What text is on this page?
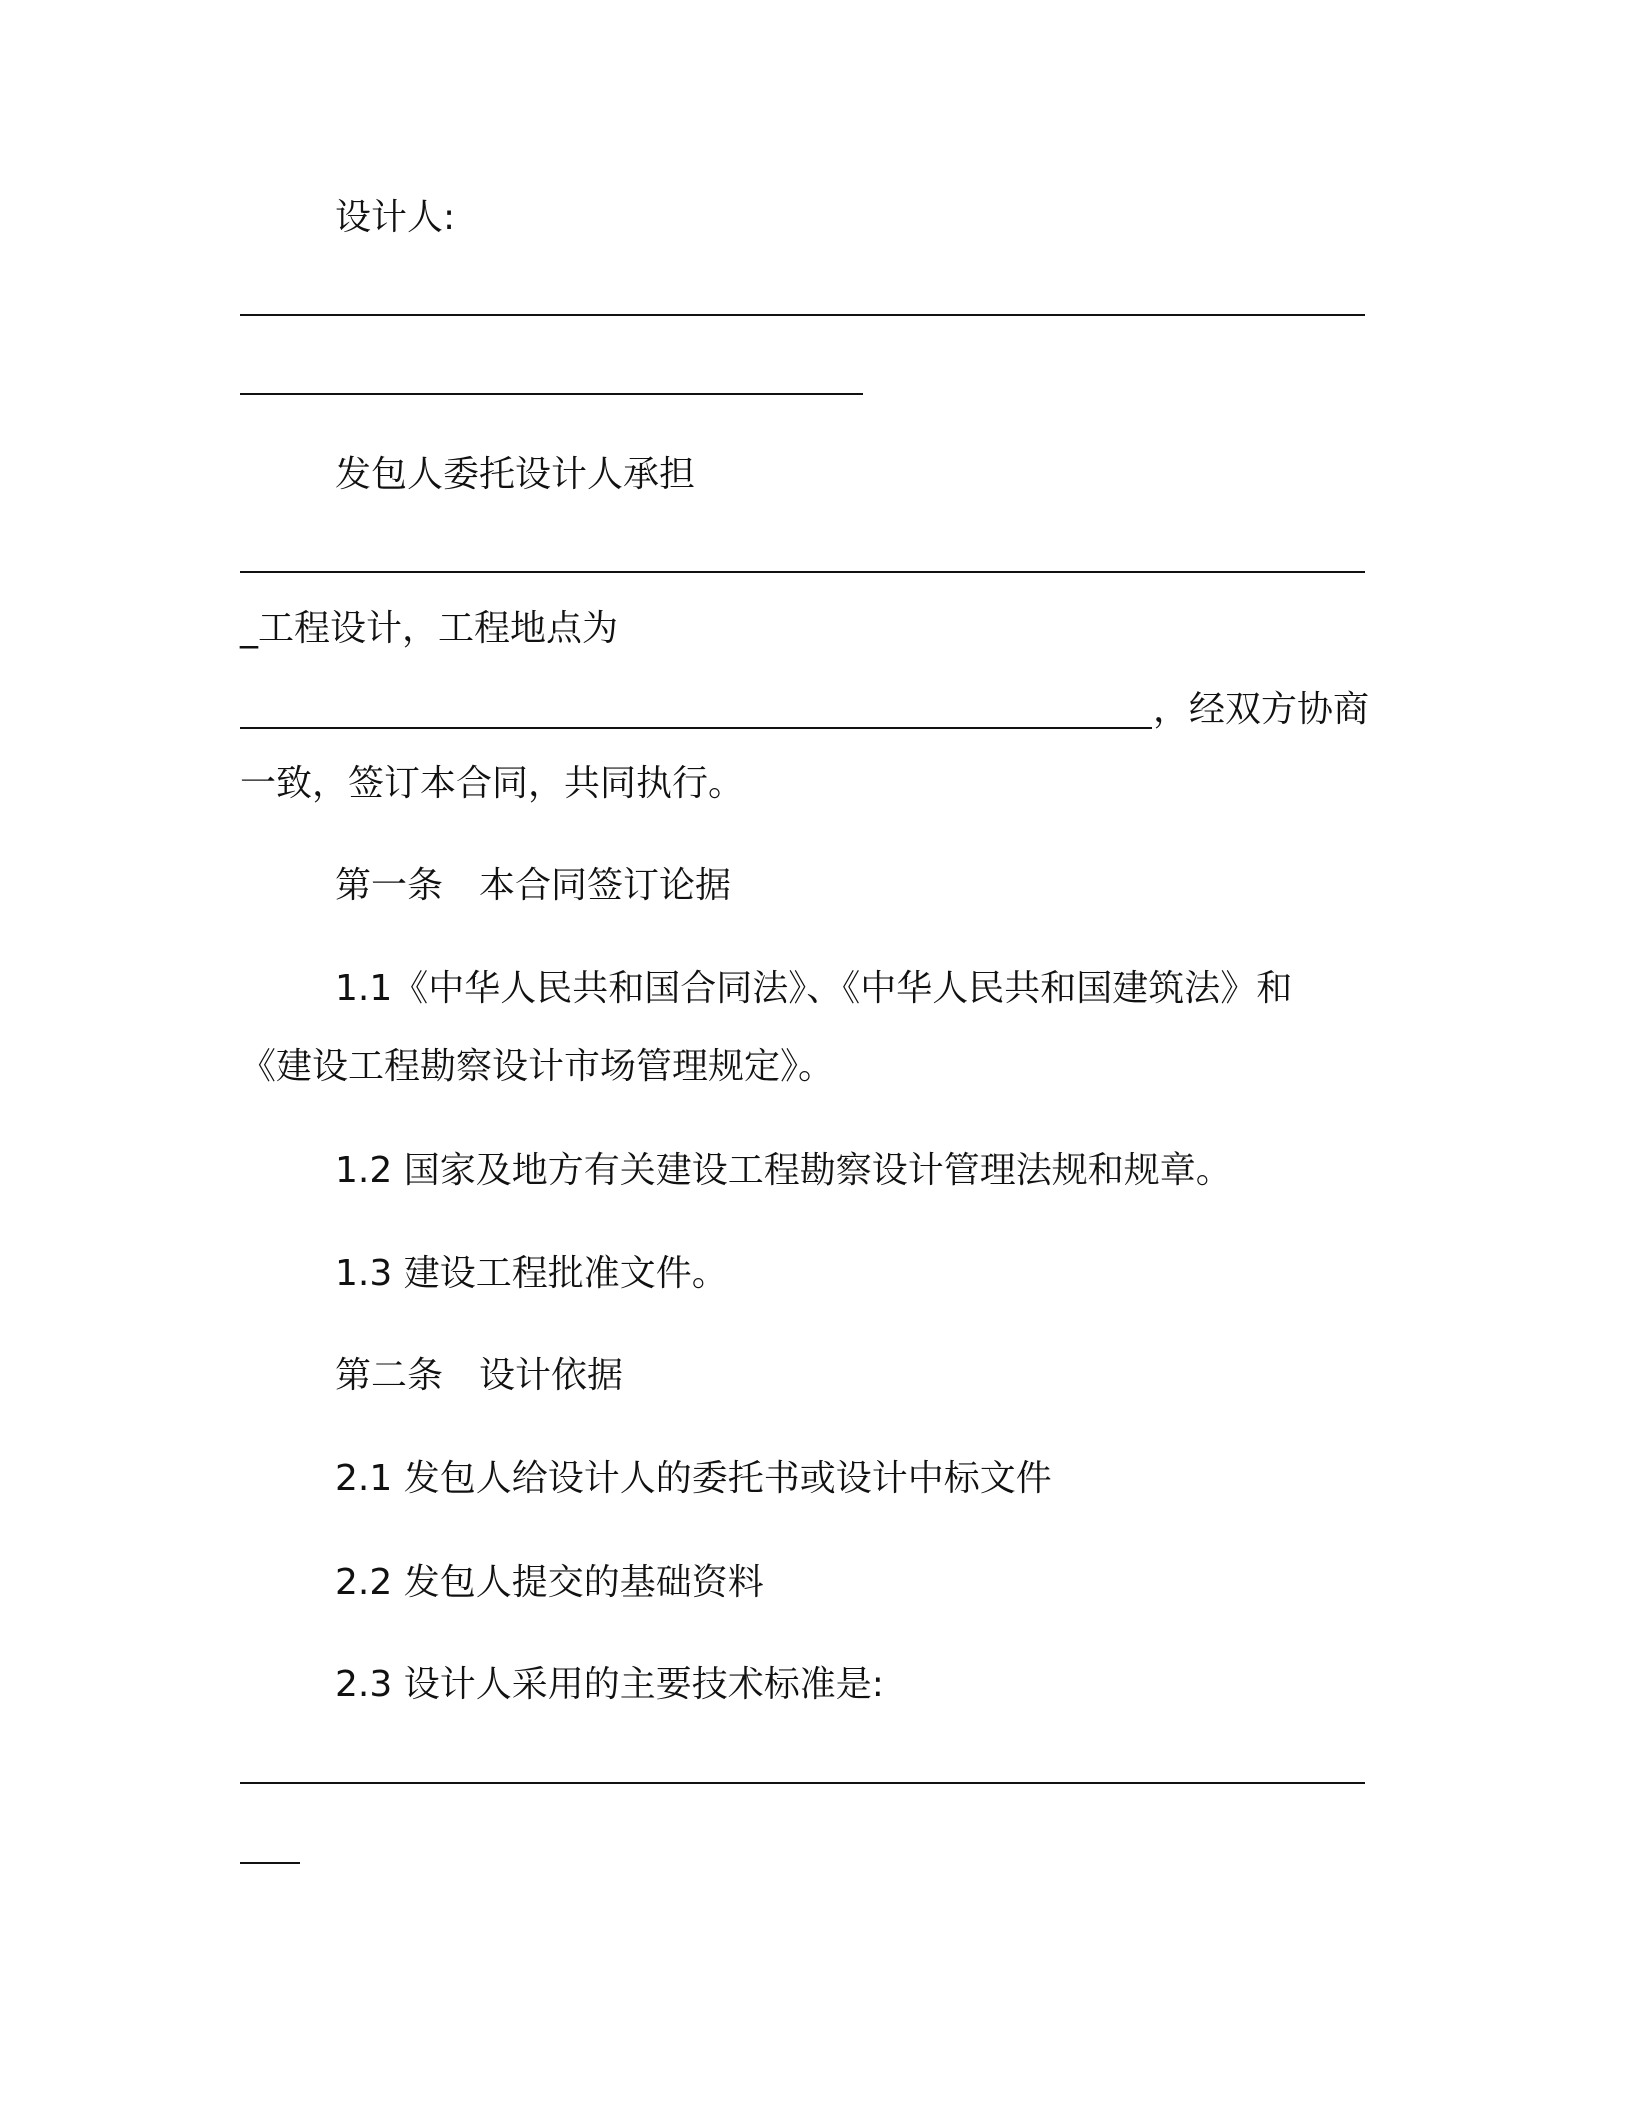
设计人:
发包人委托设计人承担
_工程设计，工程地点为
，经双方协商
一致，签订本合同，共同执行。
第一条　本合同签订论据
1.1《中华人民共和国合同法》、《中华人民共和国建筑法》和
《建设工程勘察设计市场管理规定》。
1.2 国家及地方有关建设工程勘察设计管理法规和规章。
1.3 建设工程批准文件。
第二条　设计依据
2.1 发包人给设计人的委托书或设计中标文件
2.2 发包人提交的基础资料
2.3 设计人采用的主要技术标准是:
